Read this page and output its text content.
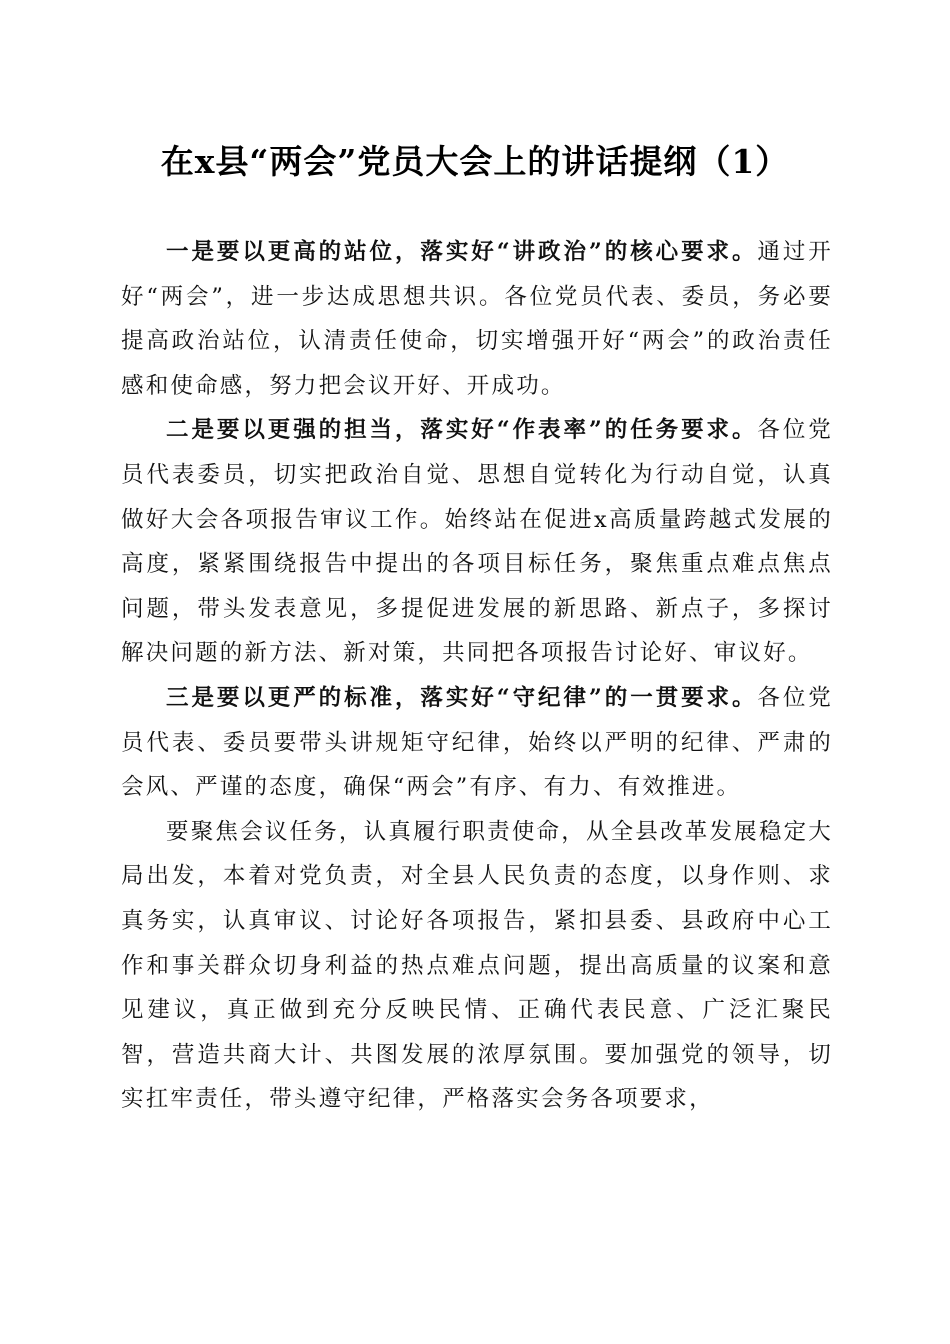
在x县“两会”党员大会上的讲话提纲（1）

一是要以更高的站位，落实好“讲政治”的核心要求。通过开好“两会”，进一步达成思想共识。各位党员代表、委员，务必要提高政治站位，认清责任使命，切实增强开好“两会”的政治责任感和使命感，努力把会议开好、开成功。

二是要以更强的担当，落实好“作表率”的任务要求。各位党员代表委员，切实把政治自觉、思想自觉转化为行动自觉，认真做好大会各项报告审议工作。始终站在促进x高质量跨越式发展的高度，紧紧围绕报告中提出的各项目标任务，聚焦重点难点焦点问题，带头发表意见，多提促进发展的新思路、新点子，多探讨解决问题的新方法、新对策，共同把各项报告讨论好、审议好。

三是要以更严的标准，落实好“守纪律”的一贯要求。各位党员代表、委员要带头讲规矩守纪律，始终以严明的纪律、严肃的会风、严谨的态度，确保“两会”有序、有力、有效推进。

要聚焦会议任务，认真履行职责使命，从全县改革发展稳定大局出发，本着对党负责，对全县人民负责的态度，以身作则、求真务实，认真审议、讨论好各项报告，紧扣县委、县政府中心工作和事关群众切身利益的热点难点问题，提出高质量的议案和意见建议，真正做到充分反映民情、正确代表民意、广泛汇聚民智，营造共商大计、共图发展的浓厚氛围。要加强党的领导，切实扛牢责任，带头遵守纪律，严格落实会务各项要求，
